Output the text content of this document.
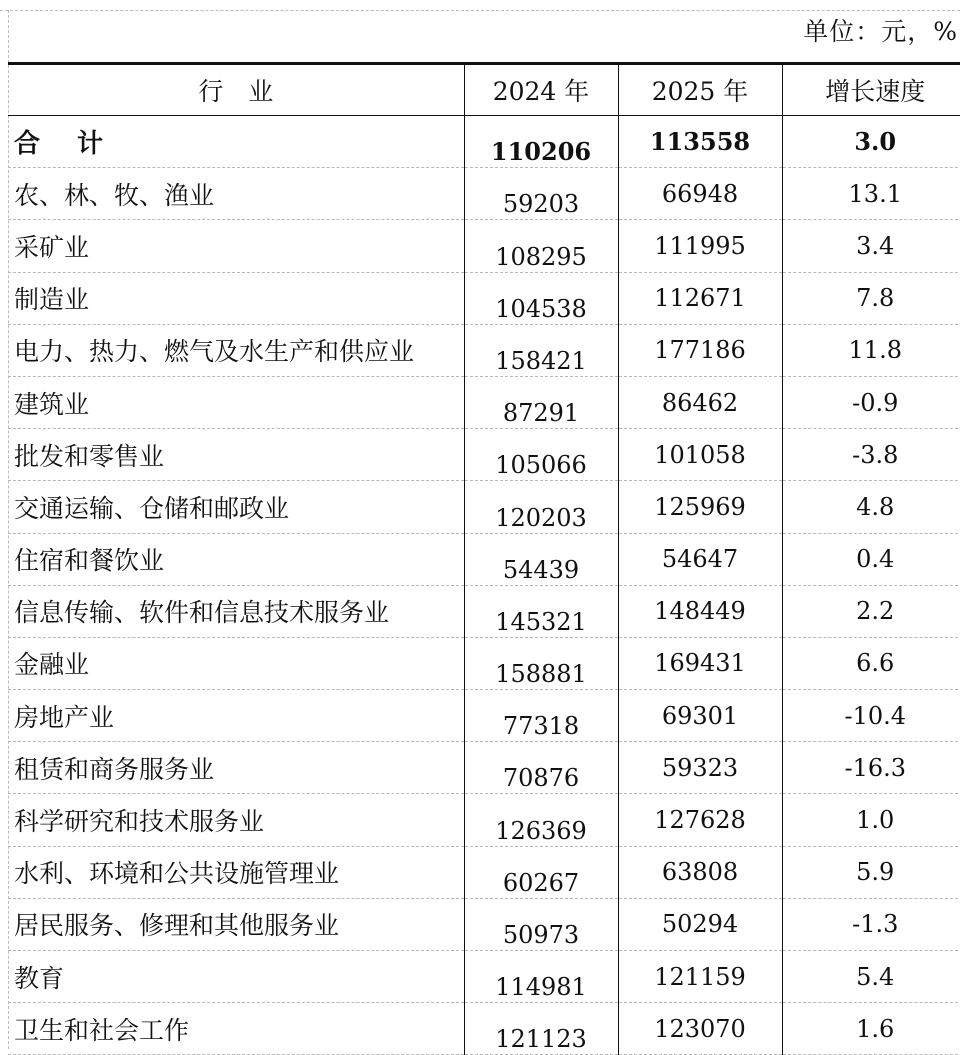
单位：元，%
行　业	2024 年	2025 年	增长速度
合 计	110206	113558	3.0
农、林、牧、渔业	59203	66948	13.1
采矿业	108295	111995	3.4
制造业	104538	112671	7.8
电力、热力、燃气及水生产和供应业	158421	177186	11.8
建筑业	87291	86462	-0.9
批发和零售业	105066	101058	-3.8
交通运输、仓储和邮政业	120203	125969	4.8
住宿和餐饮业	54439	54647	0.4
信息传输、软件和信息技术服务业	145321	148449	2.2
金融业	158881	169431	6.6
房地产业	77318	69301	-10.4
租赁和商务服务业	70876	59323	-16.3
科学研究和技术服务业	126369	127628	1.0
水利、环境和公共设施管理业	60267	63808	5.9
居民服务、修理和其他服务业	50973	50294	-1.3
教育	114981	121159	5.4
卫生和社会工作	121123	123070	1.6
